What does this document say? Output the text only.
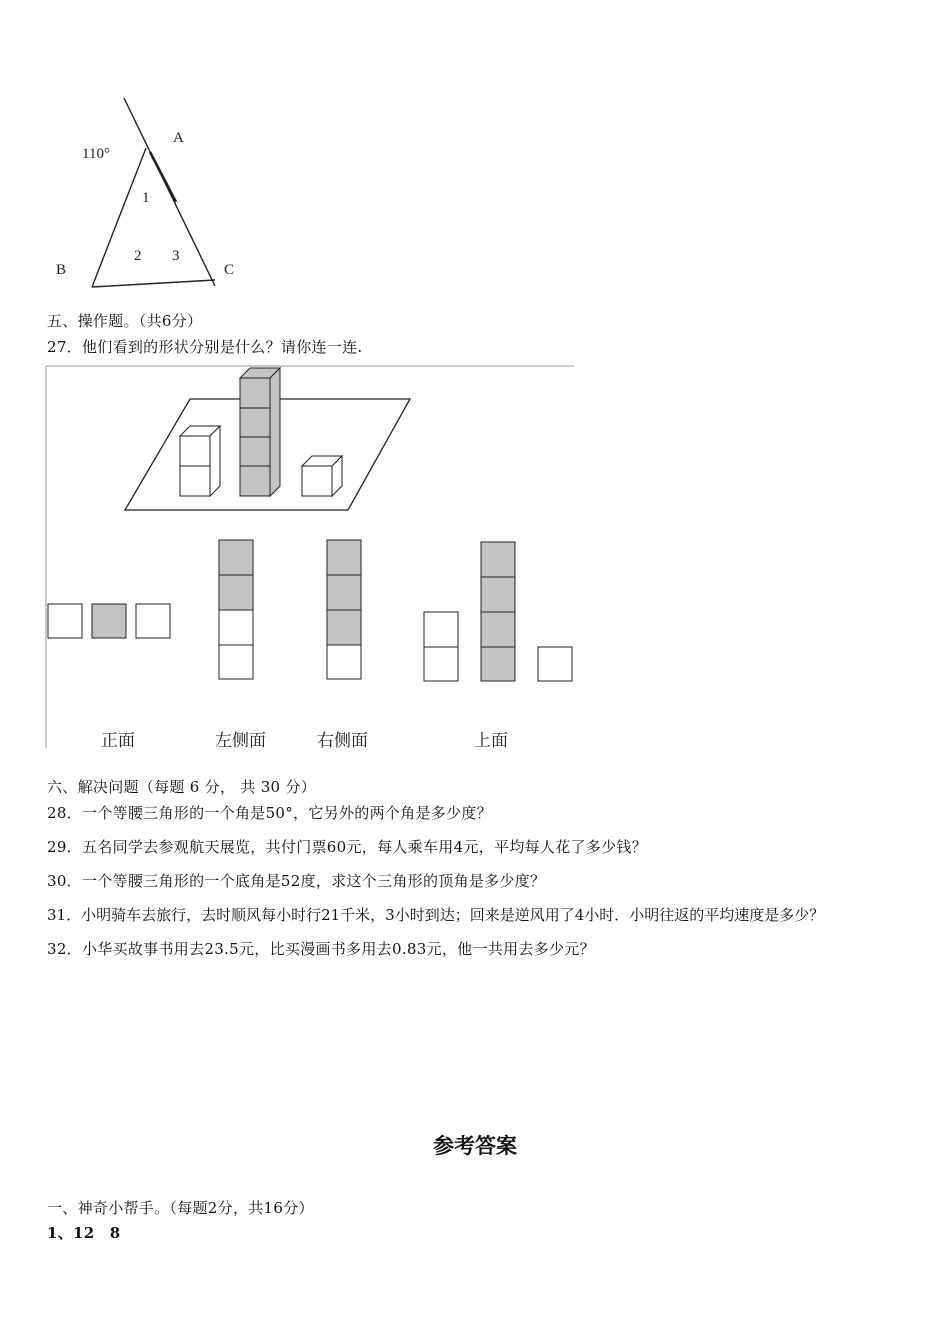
110°
A
B	C
1
2 3
五、操作题。（共6分）
27．他们看到的形状分别是什么？请你连一连.
正面	左侧面	右侧面	上面
六、解决问题（每题 6 分， 共 30 分）
28．一个等腰三角形的一个角是50°，它另外的两个角是多少度？
29．五名同学去参观航天展览，共付门票60元，每人乘车用4元，平均每人花了多少钱？
30．一个等腰三角形的一个底角是52度，求这个三角形的顶角是多少度？
31．小明骑车去旅行，去时顺风每小时行21千米，3小时到达；回来是逆风用了4小时．小明往返的平均速度是多少？
32．小华买故事书用去23.5元，比买漫画书多用去0.83元，他一共用去多少元？
参考答案
一、神奇小帮手。（每题2分，共16分）
1、12　8
